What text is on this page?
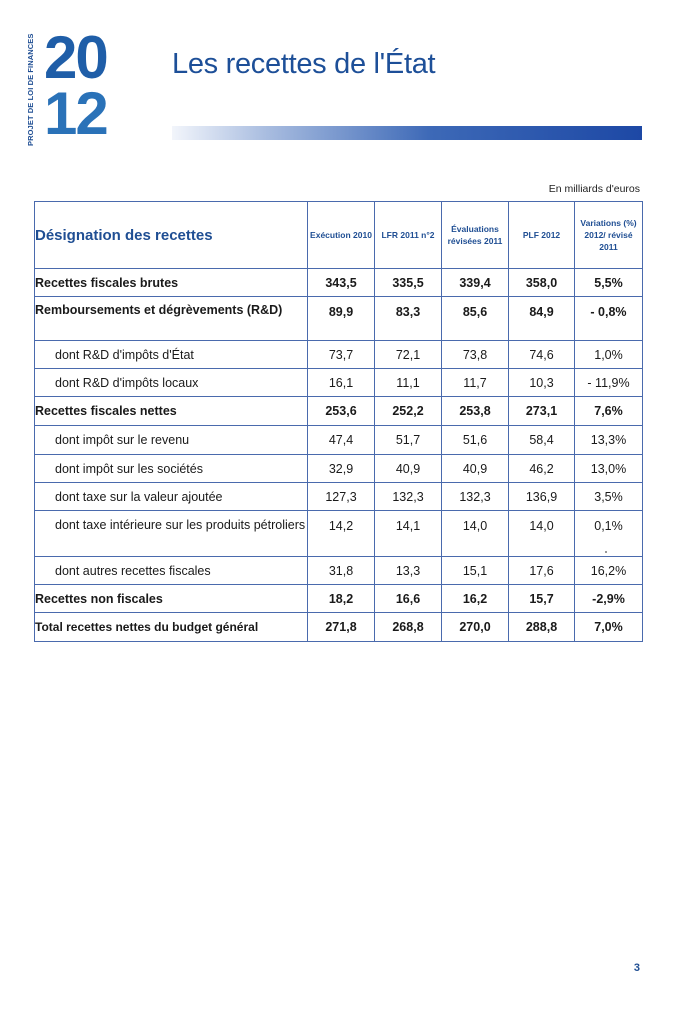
PROJET DE LOI DE FINANCES 20
12
Les recettes de l'État
En milliards d'euros
Désignation des recettes	Exécution 2010	LFR 2011 n°2	Évaluations révisées 2011	PLF 2012	Variations (%) 2012/ révisé 2011
Recettes fiscales brutes	343,5	335,5	339,4	358,0	5,5%
Remboursements et dégrèvements (R&D)	89,9	83,3	85,6	84,9	- 0,8%
dont R&D d'impôts d'État	73,7	72,1	73,8	74,6	1,0%
dont R&D d'impôts locaux	16,1	11,1	11,7	10,3	- 11,9%
Recettes fiscales nettes	253,6	252,2	253,8	273,1	7,6%
dont impôt sur le revenu	47,4	51,7	51,6	58,4	13,3%
dont impôt sur les sociétés	32,9	40,9	40,9	46,2	13,0%
dont taxe sur la valeur ajoutée	127,3	132,3	132,3	136,9	3,5%
dont taxe intérieure sur les produits pétroliers	14,2	14,1	14,0	14,0	0,1%
dont autres recettes fiscales	31,8	13,3	15,1	17,6	16,2%
Recettes non fiscales	18,2	16,6	16,2	15,7	-2,9%
Total recettes nettes du budget général	271,8	268,8	270,0	288,8	7,0%
3
